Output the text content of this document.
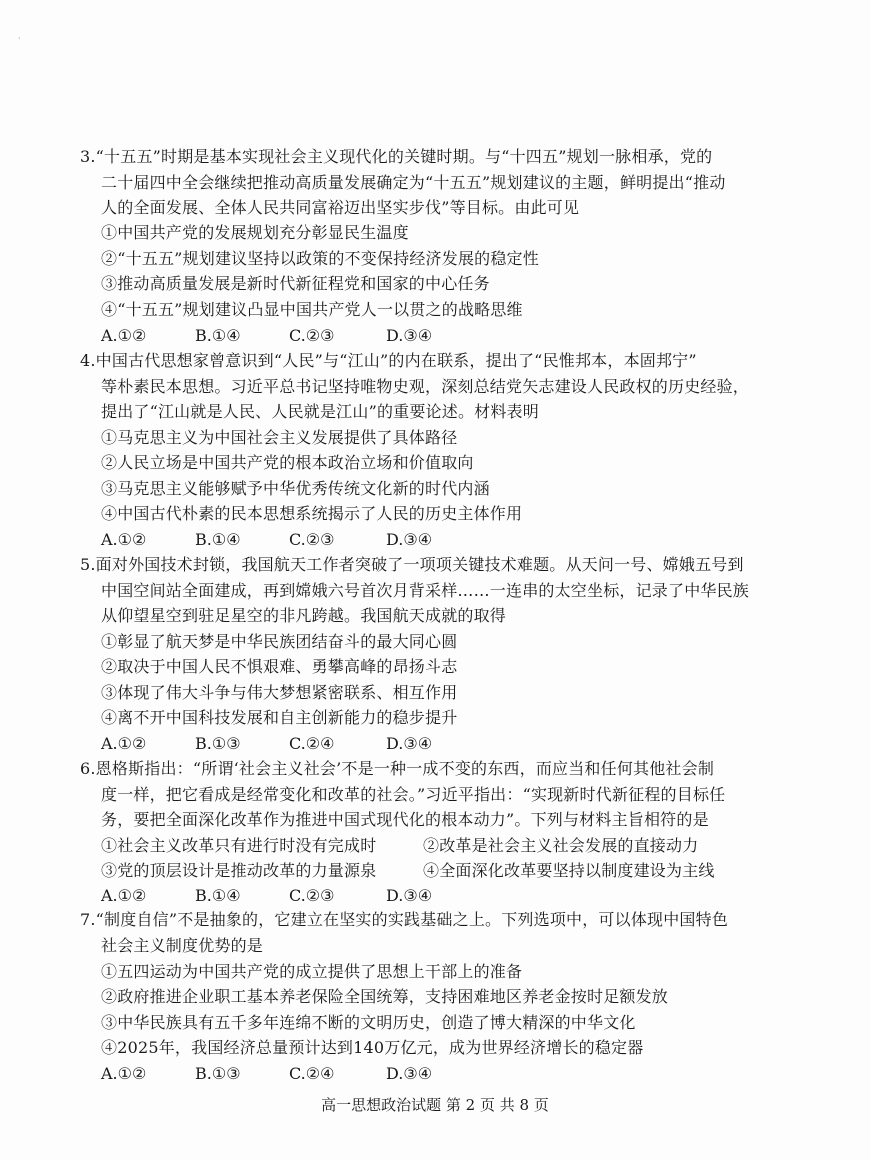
·
3.“十五五”时期是基本实现社会主义现代化的关键时期。与“十四五”规划一脉相承，党的
二十届四中全会继续把推动高质量发展确定为“十五五”规划建议的主题，鲜明提出“推动
人的全面发展、全体人民共同富裕迈出坚实步伐”等目标。由此可见
①中国共产党的发展规划充分彰显民生温度
②“十五五”规划建议坚持以政策的不变保持经济发展的稳定性
③推动高质量发展是新时代新征程党和国家的中心任务
④“十五五”规划建议凸显中国共产党人一以贯之的战略思维
A.①②	B.①④	C.②③	D.③④
4.中国古代思想家曾意识到“人民”与“江山”的内在联系，提出了“民惟邦本，本固邦宁”
等朴素民本思想。习近平总书记坚持唯物史观，深刻总结党矢志建设人民政权的历史经验，
提出了“江山就是人民、人民就是江山”的重要论述。材料表明
①马克思主义为中国社会主义发展提供了具体路径
②人民立场是中国共产党的根本政治立场和价值取向
③马克思主义能够赋予中华优秀传统文化新的时代内涵
④中国古代朴素的民本思想系统揭示了人民的历史主体作用
A.①②	B.①④	C.②③	D.③④
5.面对外国技术封锁，我国航天工作者突破了一项项关键技术难题。从天问一号、嫦娥五号到
中国空间站全面建成，再到嫦娥六号首次月背采样……一连串的太空坐标，记录了中华民族
从仰望星空到驻足星空的非凡跨越。我国航天成就的取得
①彰显了航天梦是中华民族团结奋斗的最大同心圆
②取决于中国人民不惧艰难、勇攀高峰的昂扬斗志
③体现了伟大斗争与伟大梦想紧密联系、相互作用
④离不开中国科技发展和自主创新能力的稳步提升
A.①②	B.①③	C.②④	D.③④
6.恩格斯指出：“所谓‘社会主义社会’不是一种一成不变的东西，而应当和任何其他社会制
度一样，把它看成是经常变化和改革的社会。”习近平指出：“实现新时代新征程的目标任
务，要把全面深化改革作为推进中国式现代化的根本动力”。下列与材料主旨相符的是
①社会主义改革只有进行时没有完成时	②改革是社会主义社会发展的直接动力
③党的顶层设计是推动改革的力量源泉	④全面深化改革要坚持以制度建设为主线
A.①②	B.①④	C.②③	D.③④
7.“制度自信”不是抽象的，它建立在坚实的实践基础之上。下列选项中，可以体现中国特色
社会主义制度优势的是
①五四运动为中国共产党的成立提供了思想上干部上的准备
②政府推进企业职工基本养老保险全国统筹，支持困难地区养老金按时足额发放
③中华民族具有五千多年连绵不断的文明历史，创造了博大精深的中华文化
④2025年，我国经济总量预计达到140万亿元，成为世界经济增长的稳定器
A.①②	B.①③	C.②④	D.③④
高一思想政治试题 第 2 页 共 8 页
